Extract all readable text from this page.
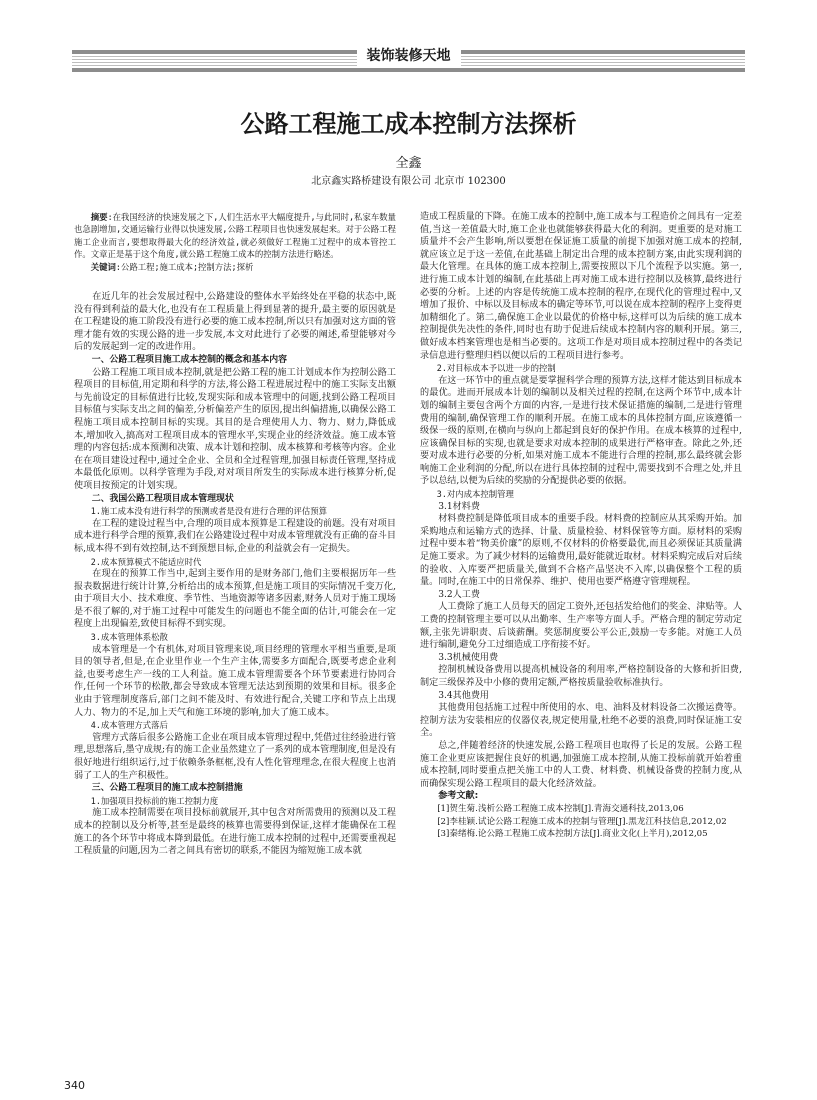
装饰装修天地
公路工程施工成本控制方法探析
全鑫
北京鑫实路桥建设有限公司 北京市 102300

摘要:在我国经济的快速发展之下,人们生活水平大幅度提升,与此同时,私家车数量也急剧增加,交通运输行业得以快速发展,公路工程项目也快速发展起来。对于公路工程施工企业而言,要想取得最大化的经济效益,就必须做好工程施工过程中的成本管控工作。文章正是基于这个角度,就公路工程施工成本的控制方法进行略述。

关键词:公路工程;施工成本;控制方法;探析

在近几年的社会发展过程中,公路建设的整体水平始终处在平稳的状态中,既没有得到利益的最大化,也没有在工程质量上得到显著的提升,最主要的原因就是在工程建设的施工阶段没有进行必要的施工成本控制,所以只有加强对这方面的管理才能有效的实现公路的进一步发展,本文对此进行了必要的阐述,希望能够对今后的发展起到一定的改进作用。

一、公路工程项目施工成本控制的概念和基本内容

公路工程施工项目成本控制,就是把公路工程的施工计划成本作为控制公路工程项目的目标值,用定期和科学的方法,将公路工程进展过程中的施工实际支出额与先前设定的目标值进行比较,发现实际和成本管理中的问题,找到公路工程项目目标值与实际支出之间的偏差,分析偏差产生的原因,提出纠偏措施,以确保公路工程施工项目成本控制目标的实现。其目的是合理使用人力、物力、财力,降低成本,增加收入,搞高对工程项目成本的管理水平,实现企业的经济效益。施工成本管理的内容包括:成本预测和决策、成本计划和控制、成本核算和考核等内容。企业在在项目建设过程中,通过全企业、全员和全过程管理,加强目标责任管理,坚持成本最低化原则。以科学管理为手段,对对项目所发生的实际成本进行核算分析,促使项目按预定的计划实现。

二、我国公路工程项目成本管理现状

1.施工成本没有进行科学的预测或者是没有进行合理的评估预算

在工程的建设过程当中,合理的项目成本预算是工程建设的前题。没有对项目成本进行科学合理的预算,我们在公路建设过程中对成本管理就没有正确的奋斗目标,成本得不到有效控制,达不到预想目标,企业的利益就会有一定损失。

2.成本预算模式不能适应时代

在现在的预算工作当中,起到主要作用的是财务部门,他们主要根据历年一些报表数据进行统计计算,分析给出的成本预算,但是施工项目的实际情况千变万化,由于项目大小、技术难度、季节性、当地资源等诸多因素,财务人员对于施工现场是不很了解的,对于施工过程中可能发生的问题也不能全面的估计,可能会在一定程度上出现偏差,致使目标得不到实现。

3.成本管理体系松散

成本管理是一个有机体,对项目管理来说,项目经理的管理水平相当重要,是项目的领导者,但是,在企业里作业一个生产主体,需要多方面配合,既要考虑企业利益,也要考虑生产一线的工人利益。施工成本管理需要各个环节要素进行协同合作,任何一个环节的松散,都会导致成本管理无法达到预期的效果和目标。很多企业由于管理制度落后,部门之间不能及时、有效进行配合,关键工序和节点上出现人力、物力的不足,加上天气和施工环境的影响,加大了施工成本。

4.成本管理方式落后

管理方式落后很多公路施工企业在项目成本管理过程中,凭借过往经验进行管理,思想落后,墨守成规;有的施工企业虽然建立了一系列的成本管理制度,但是没有很好地进行组织运行,过于依赖条条框框,没有人性化管理理念,在很大程度上也消弱了工人的生产积极性。

三、公路工程项目的施工成本控制措施

1.加强项目投标前的施工控制力度

施工成本控制需要在项目投标前就展开,其中包含对所需费用的预测以及工程成本的控制以及分析等,甚至是最终的核算也需要得到保证,这样才能确保在工程施工的各个环节中将成本降到最低。在进行施工成本控制的过程中,还需要重视起工程质量的问题,因为二者之间具有密切的联系,不能因为缩短施工成本就

造成工程质量的下降。在施工成本的控制中,施工成本与工程造价之间具有一定差值,当这一差值最大时,施工企业也就能够获得最大化的利润。更重要的是对施工质量并不会产生影响,所以要想在保证施工质量的前提下加强对施工成本的控制,就应该立足于这一差值,在此基础上制定出合理的成本控制方案,由此实现利润的最大化管理。在具体的施工成本控制上,需要按照以下几个流程予以实施。第一,进行施工成本计划的编制,在此基础上再对施工成本进行控制以及核算,最终进行必要的分析。上述的内容是传统施工成本控制的程序,在现代化的管理过程中,又增加了报价、中标以及目标成本的确定等环节,可以说在成本控制的程序上变得更加精细化了。第二,确保施工企业以最优的价格中标,这样可以为后续的施工成本控制提供先决性的条件,同时也有助于促进后续成本控制内容的顺利开展。第三,做好成本档案管理也是相当必要的。这项工作是对项目成本控制过程中的各类记录信息进行整理归档以便以后的工程项目进行参考。

2.对目标成本予以进一步的控制

在这一环节中的重点就是要掌握科学合理的预算方法,这样才能达到目标成本的最优。进而开展成本计划的编制以及相关过程的控制,在这两个环节中,成本计划的编制主要包含两个方面的内容,一是进行技术保证措施的编制,二是进行管理费用的编制,确保管理工作的顺利开展。在施工成本的具体控制方面,应该遵循一级保一级的原则,在横向与纵向上都起到良好的保护作用。在成本核算的过程中,应该确保目标的实现,也就是要求对成本控制的成果进行严格审查。除此之外,还要对成本进行必要的分析,如果对施工成本不能进行合理的控制,那么最终就会影响施工企业利润的分配,所以在进行具体控制的过程中,需要找到不合理之处,并且予以总结,以便为后续的奖励的分配提供必要的依据。

3.对内成本控制管理

3.1材料费

材料费控制是降低项目成本的重要手段。材料费的控制应从其采购开始。加采购地点和运输方式的选择、计量、质量检验、材料保管等方面。原材料的采购过程中要本着“物美价廉”的原则,不仅材料的价格要最优,而且必须保证其质量满足施工要求。为了减少材料的运输费用,最好能就近取材。材料采购完成后对后续的验收、入库要严把质量关,做到不合格产品坚决不入库,以确保整个工程的质量。同时,在施工中的日常保养、维护、使用也要严格遵守管理规程。

3.2人工费

人工费除了施工人员每天的固定工资外,还包括发给他们的奖金、津贴等。人工费的控制管理主要可以从出勤率、生产率等方面人手。严格合理的制定劳动定额,主张先讲职责、后谈薪酬。奖惩制度要公平公正,鼓励一专多能。对施工人员进行编制,避免分工过细造成工序衔接不好。

3.3机械使用费

控制机械设备费用以提高机械设备的利用率,严格控制设备的大修和折旧费,制定三级保养及中小修的费用定额,严格按质量验收标准执行。

3.4其他费用

其他费用包括施工过程中所使用的水、电、油料及材料设备二次搬运费等。控制方法为安装相应的仪器仪表,规定使用量,杜绝不必要的浪费,同时保证施工安全。

总之,伴随着经济的快速发展,公路工程项目也取得了长足的发展。公路工程施工企业更应该把握住良好的机遇,加强施工成本控制,从施工投标前就开始着重成本控制,同时要重点把关施工中的人工费、材料费、机械设备费的控制力度,从而确保实现公路工程项目的最大化经济效益。

参考文献:

[1]贺生菊.浅析公路工程施工成本控制[J].青海交通科技,2013,06

[2]李桂颖.试论公路工程施工成本的控制与管理[J].黑龙江科技信息,2012,02

[3]秦绪梅.论公路工程施工成本控制方法[J].商业文化(上半月),2012,05

340
